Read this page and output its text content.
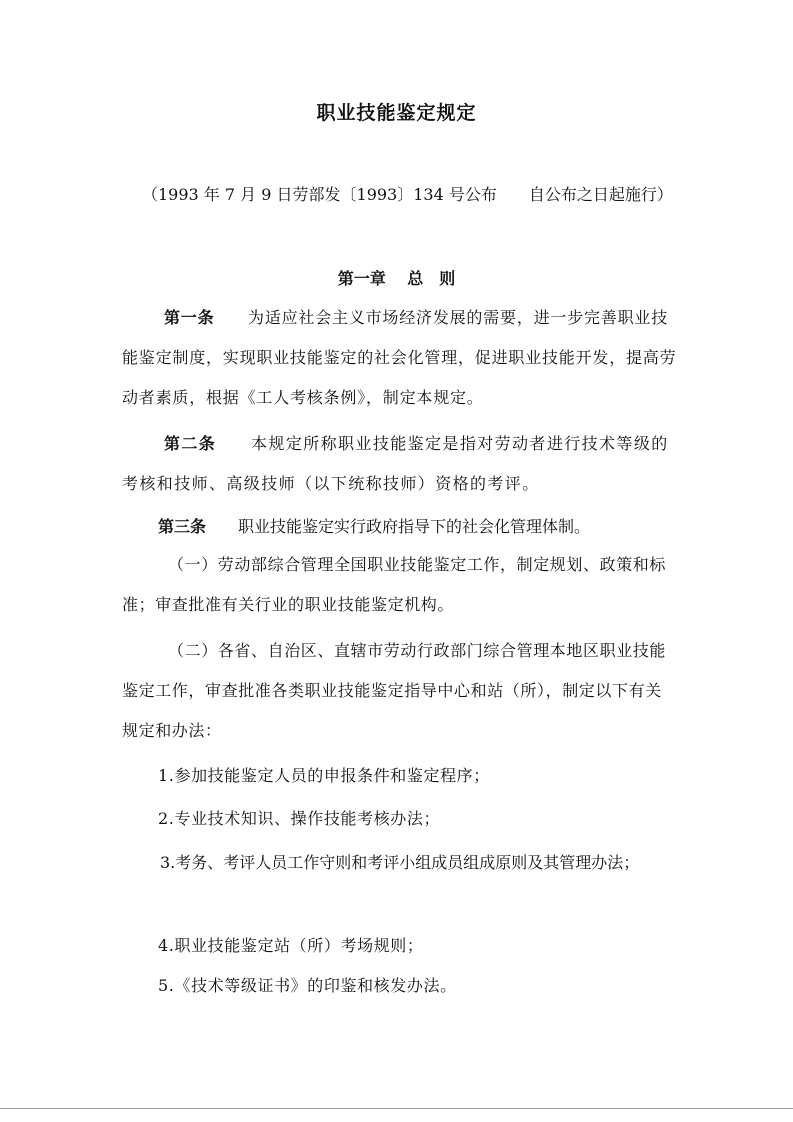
职业技能鉴定规定
（1993 年 7 月 9 日劳部发〔1993〕134 号公布　　自公布之日起施行）
第一章　 总　则

第一条   为适应社会主义市场经济发展的需要，进一步完善职业技能鉴定制度，实现职业技能鉴定的社会化管理，促进职业技能开发，提高劳动者素质，根据《工人考核条例》，制定本规定。

第二条   本规定所称职业技能鉴定是指对劳动者进行技术等级的考核和技师、高级技师（以下统称技师）资格的考评。

第三条   职业技能鉴定实行政府指导下的社会化管理体制。

（一）劳动部综合管理全国职业技能鉴定工作，制定规划、政策和标准；审查批准有关行业的职业技能鉴定机构。

（二）各省、自治区、直辖市劳动行政部门综合管理本地区职业技能鉴定工作，审查批准各类职业技能鉴定指导中心和站（所），制定以下有关规定和办法：

1.参加技能鉴定人员的申报条件和鉴定程序；

2.专业技术知识、操作技能考核办法；

3.考务、考评人员工作守则和考评小组成员组成原则及其管理办法；

4.职业技能鉴定站（所）考场规则；

5.《技术等级证书》的印鉴和核发办法。
